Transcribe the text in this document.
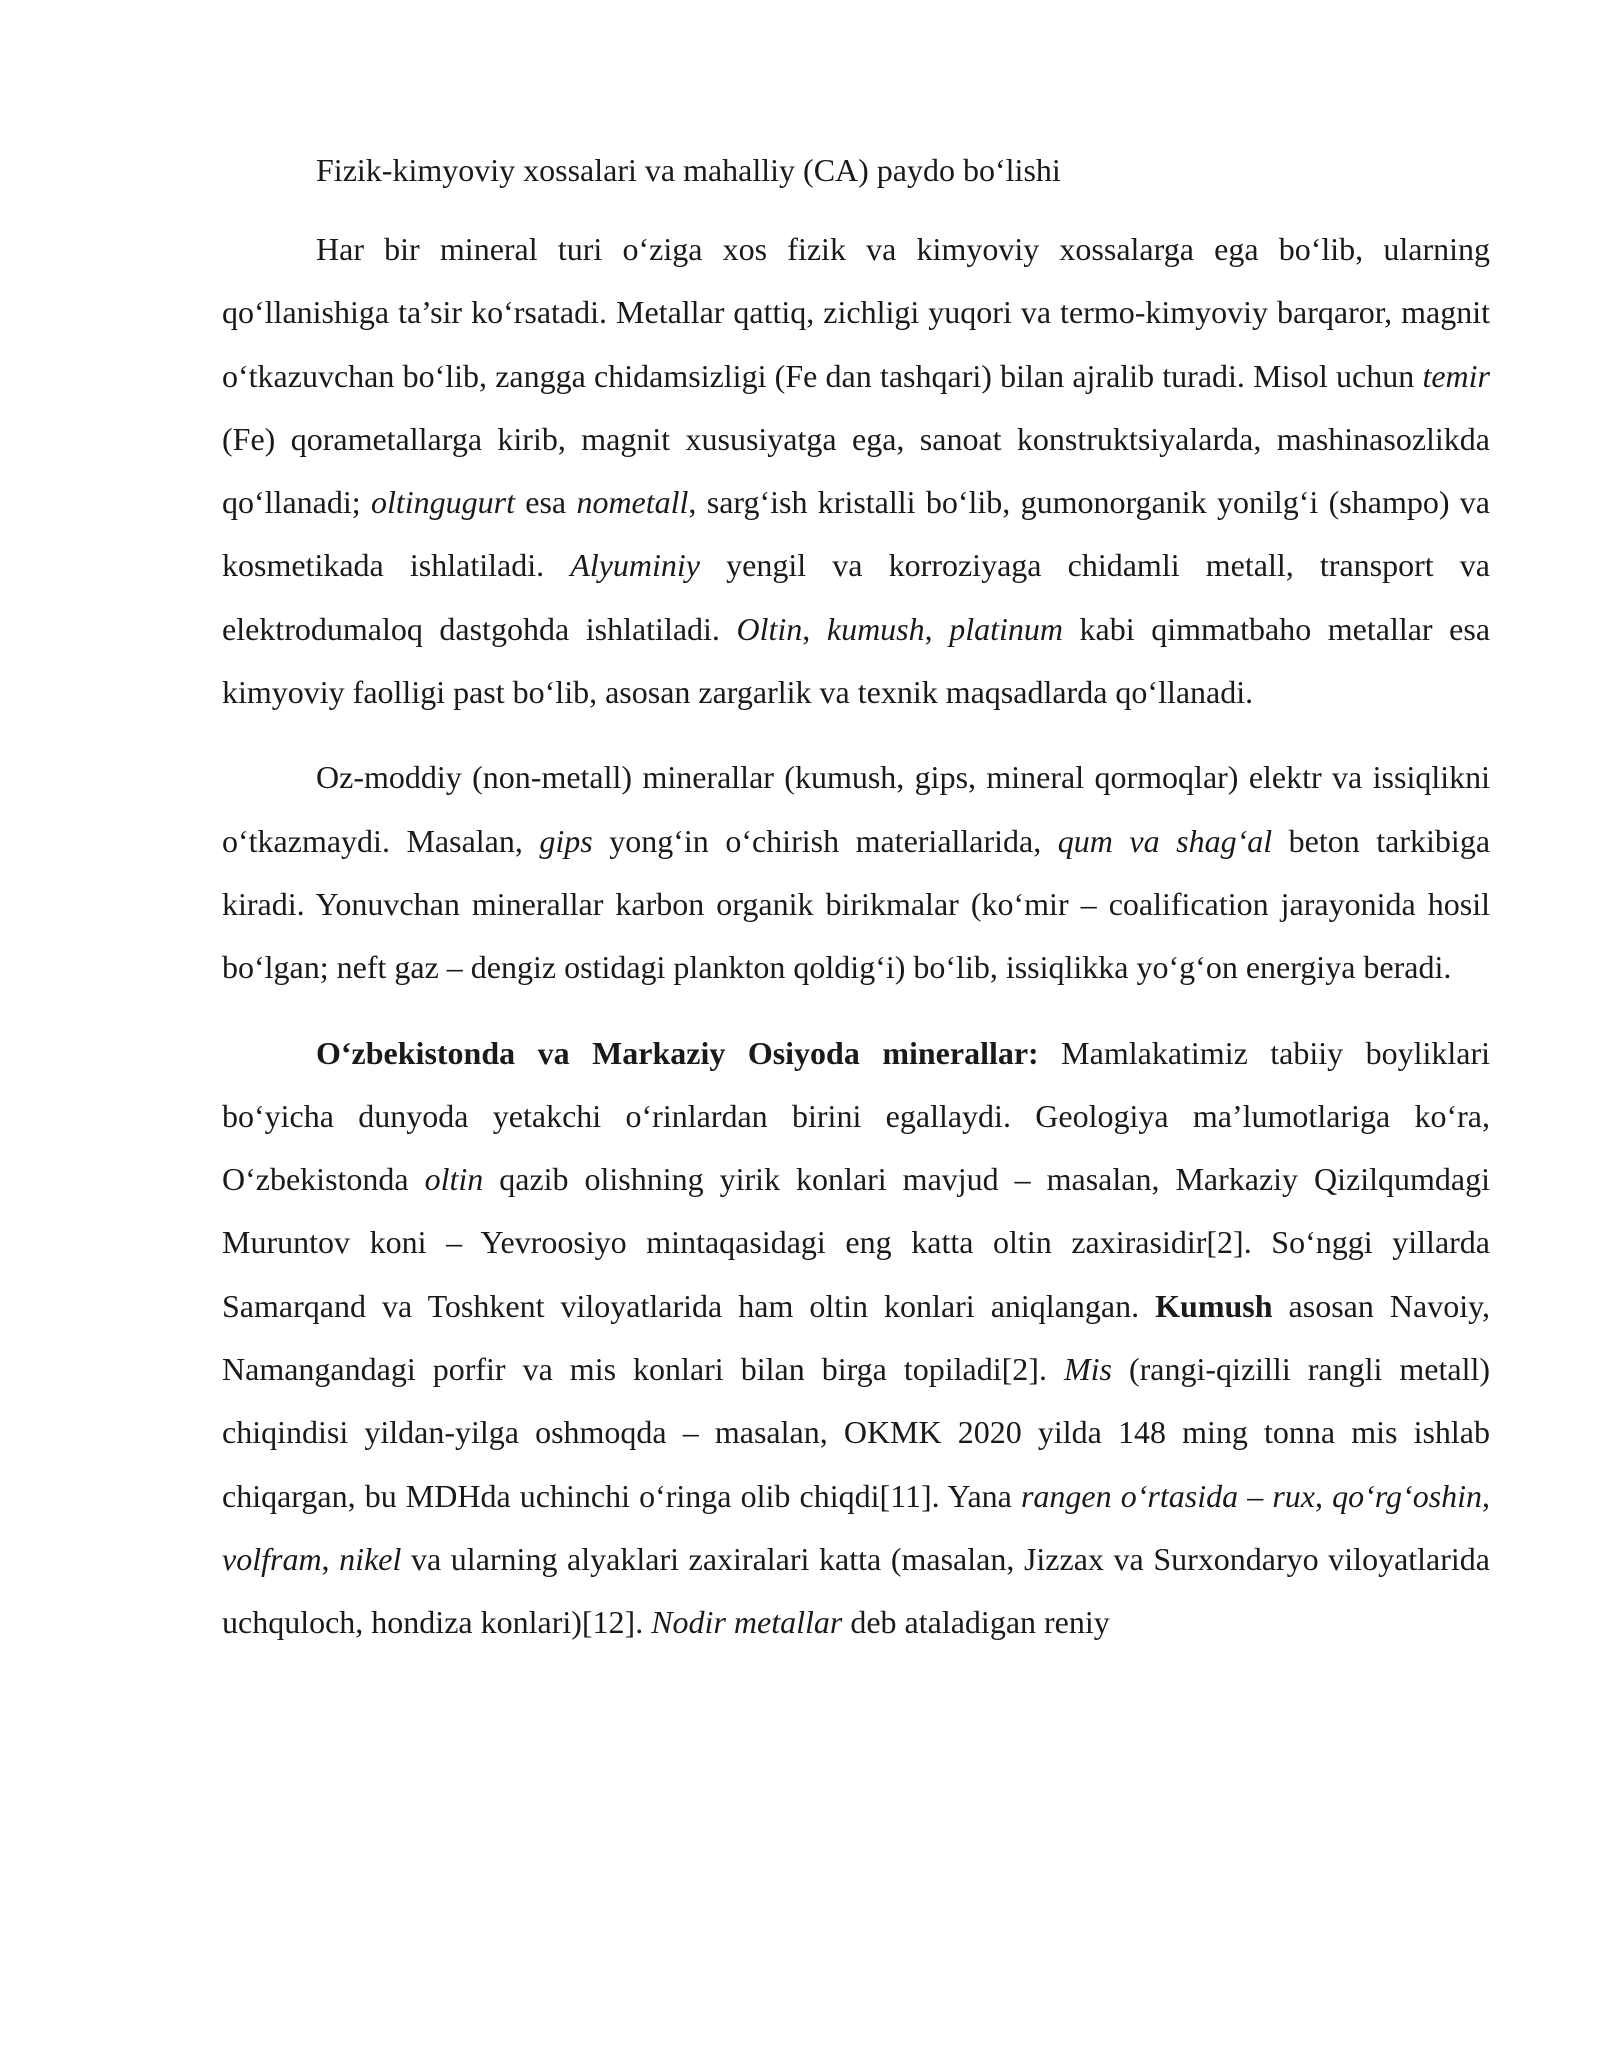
Fizik-kimyoviy xossalari va mahalliy (CA) paydo bo‘lishi

Har bir mineral turi o‘ziga xos fizik va kimyoviy xossalarga ega bo‘lib, ularning qo‘llanishiga ta’sir ko‘rsatadi. Metallar qattiq, zichligi yuqori va termo-kimyoviy barqaror, magnit o‘tkazuvchan bo‘lib, zangga chidamsizligi (Fe dan tashqari) bilan ajralib turadi. Misol uchun temir (Fe) qorametallarga kirib, magnit xususiyatga ega, sanoat konstruktsiyalarda, mashinasozlikda qo‘llanadi; oltingugurt esa nometall, sarg‘ish kristalli bo‘lib, gumonorganik yonilg‘i (shampo) va kosmetikada ishlatiladi. Alyuminiy yengil va korroziyaga chidamli metall, transport va elektrodumaloq dastgohda ishlatiladi. Oltin, kumush, platinum kabi qimmatbaho metallar esa kimyoviy faolligi past bo‘lib, asosan zargarlik va texnik maqsadlarda qo‘llanadi.

Oz-moddiy (non-metall) minerallar (kumush, gips, mineral qormoqlar) elektr va issiqlikni o‘tkazmaydi. Masalan, gips yong‘in o‘chirish materiallarida, qum va shag‘al beton tarkibiga kiradi. Yonuvchan minerallar karbon organik birikmalar (ko‘mir – coalification jarayonida hosil bo‘lgan; neft gaz – dengiz ostidagi plankton qoldig‘i) bo‘lib, issiqlikka yo‘g‘on energiya beradi.

O‘zbekistonda va Markaziy Osiyoda minerallar: Mamlakatimiz tabiiy boyliklari bo‘yicha dunyoda yetakchi o‘rinlardan birini egallaydi. Geologiya ma’lumotlariga ko‘ra, O‘zbekistonda oltin qazib olishning yirik konlari mavjud – masalan, Markaziy Qizilqumdagi Muruntov koni – Yevroosiyo mintaqasidagi eng katta oltin zaxirasidir[2]. So‘nggi yillarda Samarqand va Toshkent viloyatlarida ham oltin konlari aniqlangan. Kumush asosan Navoiy, Namangandagi porfir va mis konlari bilan birga topiladi[2]. Mis (rangi-qizilli rangli metall) chiqindisi yildan-yilga oshmoqda – masalan, OKMK 2020 yilda 148 ming tonna mis ishlab chiqargan, bu MDHda uchinchi o‘ringa olib chiqdi[11]. Yana rangen o‘rtasida – rux, qo‘rg‘oshin, volfram, nikel va ularning alyaklari zaxiralari katta (masalan, Jizzax va Surxondaryo viloyatlarida uchquloch, hondiza konlari)[12]. Nodir metallar deb ataladigan reniy
